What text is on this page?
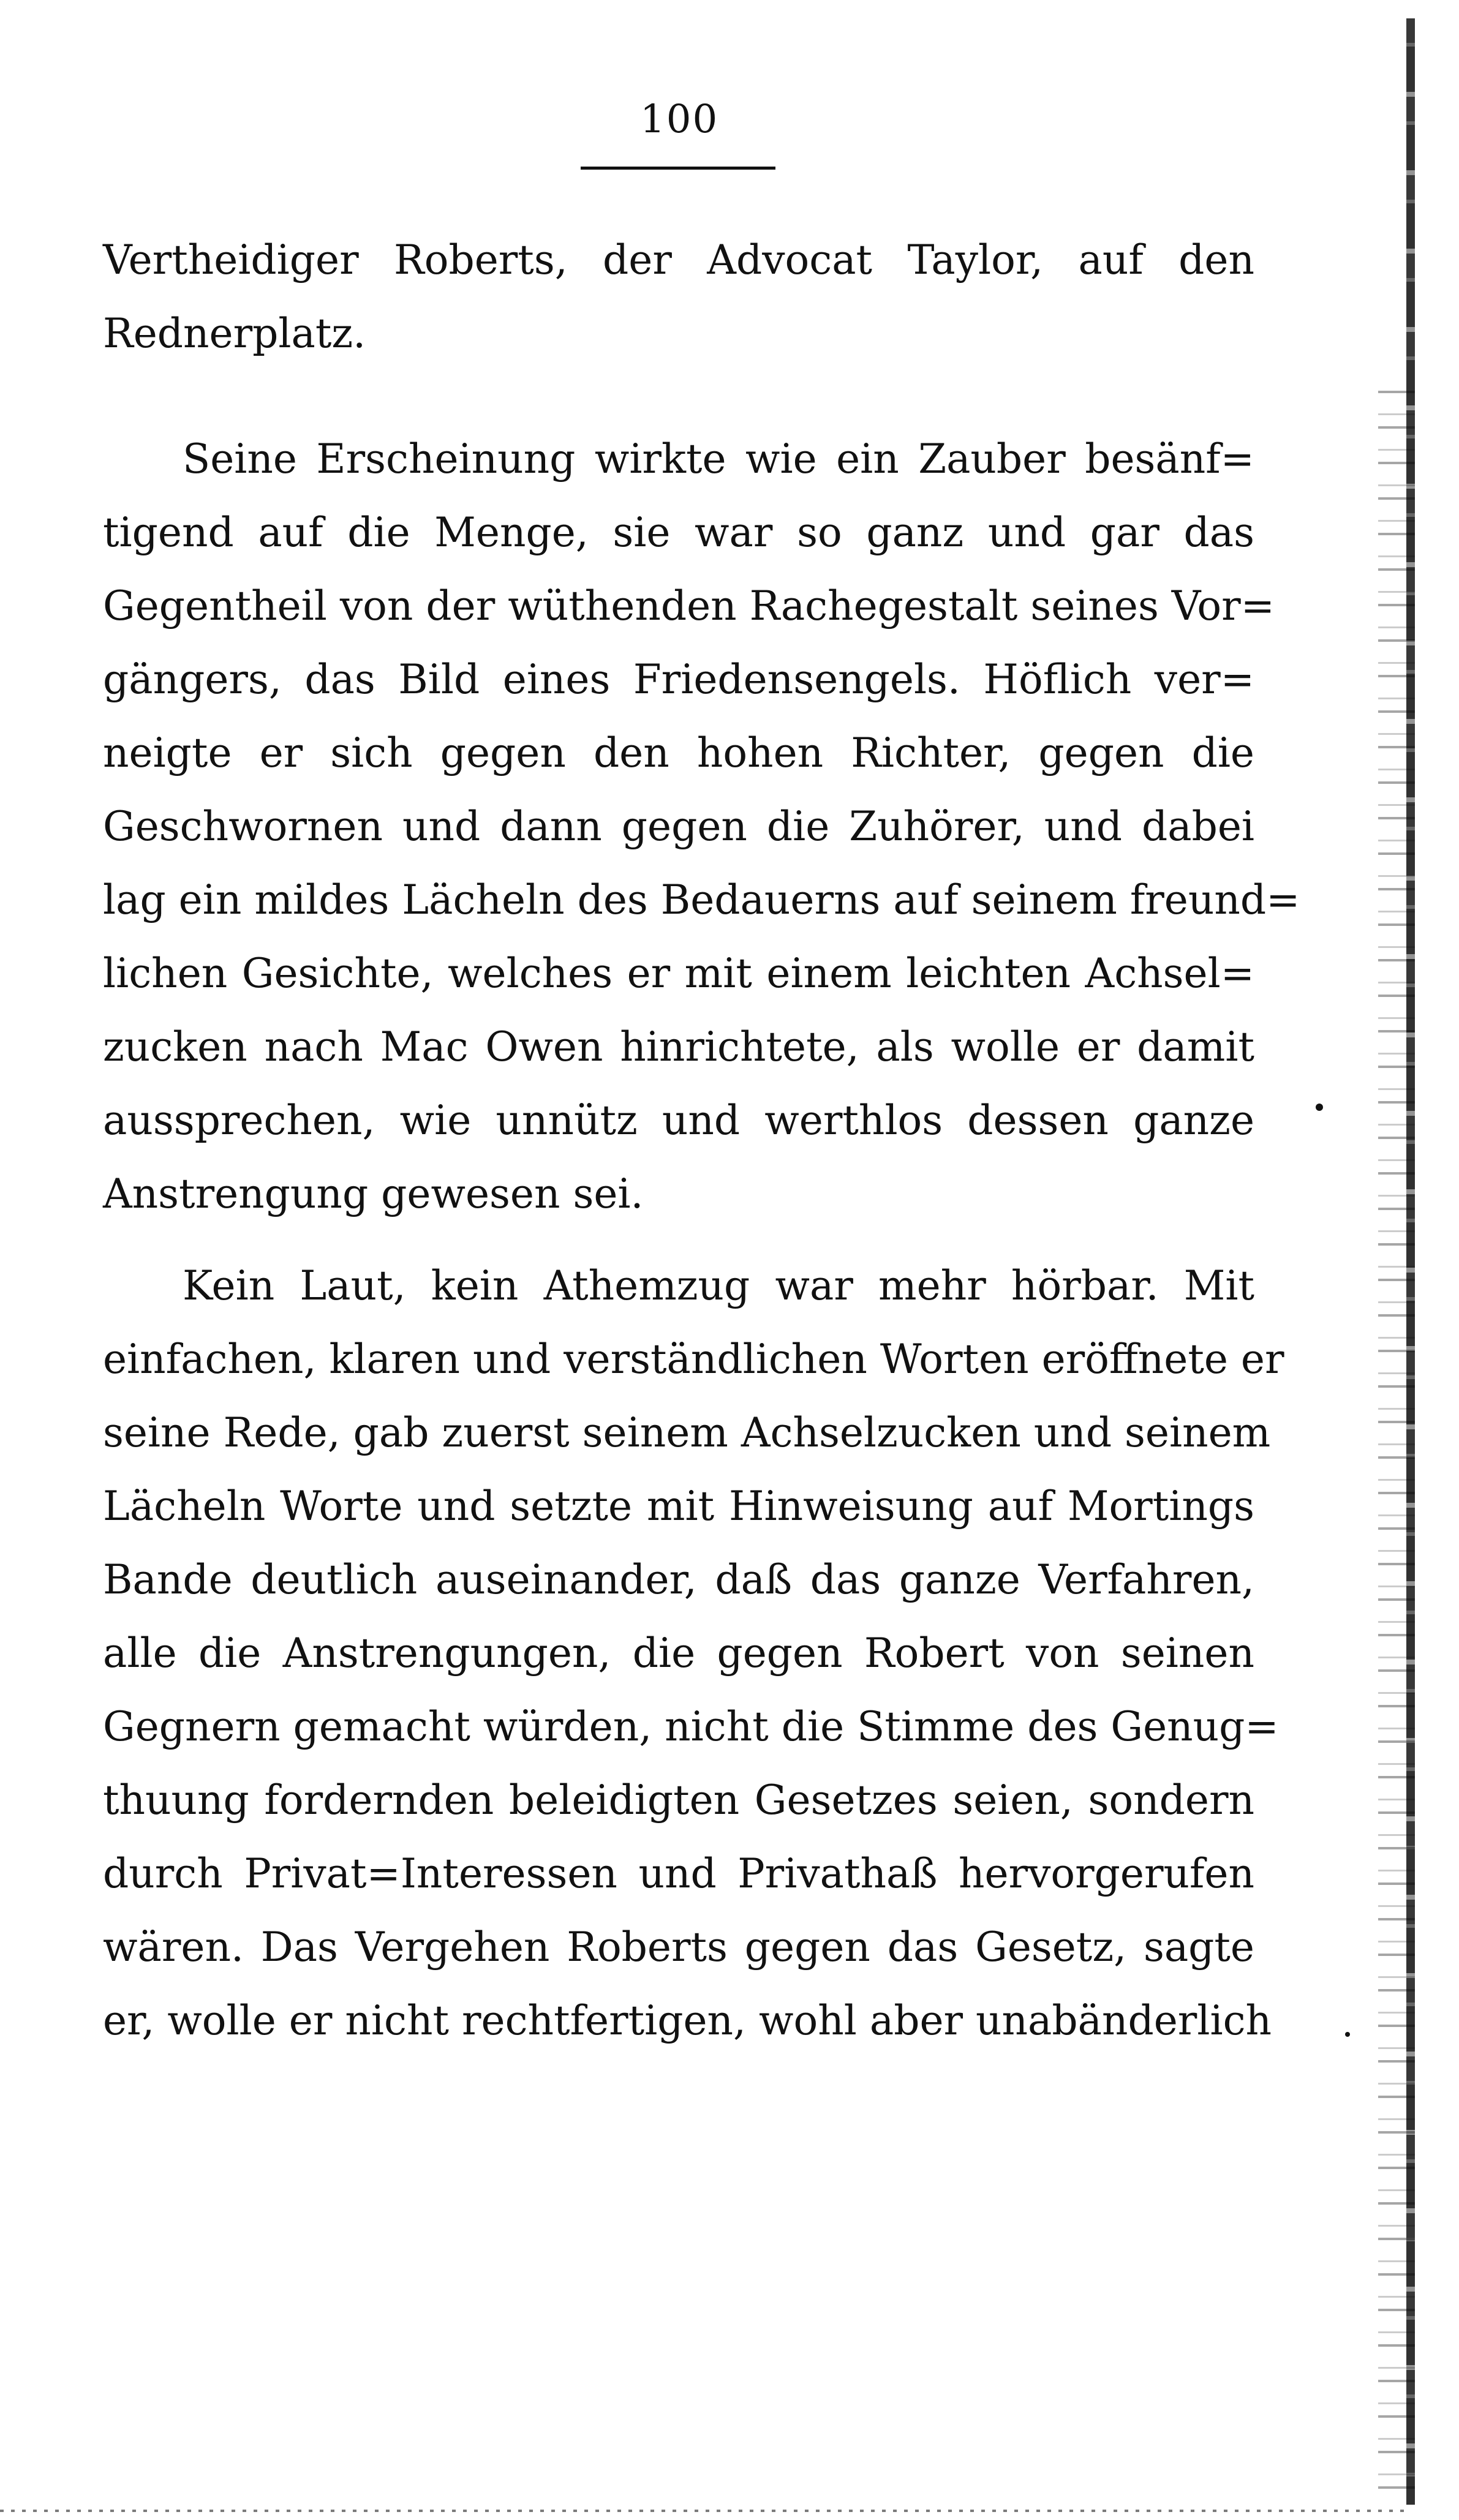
100
Vertheidiger Roberts, der Advocat Taylor, auf den
Rednerplatz.
Seine Erscheinung wirkte wie ein Zauber besänf=
tigend auf die Menge, sie war so ganz und gar das
Gegentheil von der wüthenden Rachegestalt seines Vor=
gängers, das Bild eines Friedensengels. Höflich ver=
neigte er sich gegen den hohen Richter, gegen die
Geschwornen und dann gegen die Zuhörer, und dabei
lag ein mildes Lächeln des Bedauerns auf seinem freund=
lichen Gesichte, welches er mit einem leichten Achsel=
zucken nach Mac Owen hinrichtete, als wolle er damit
aussprechen, wie unnütz und werthlos dessen ganze
Anstrengung gewesen sei.
Kein Laut, kein Athemzug war mehr hörbar. Mit
einfachen, klaren und verständlichen Worten eröffnete er
seine Rede, gab zuerst seinem Achselzucken und seinem
Lächeln Worte und setzte mit Hinweisung auf Mortings
Bande deutlich auseinander, daß das ganze Verfahren,
alle die Anstrengungen, die gegen Robert von seinen
Gegnern gemacht würden, nicht die Stimme des Genug=
thuung fordernden beleidigten Gesetzes seien, sondern
durch Privat=Interessen und Privathaß hervorgerufen
wären. Das Vergehen Roberts gegen das Gesetz, sagte
er, wolle er nicht rechtfertigen, wohl aber unabänderlich
